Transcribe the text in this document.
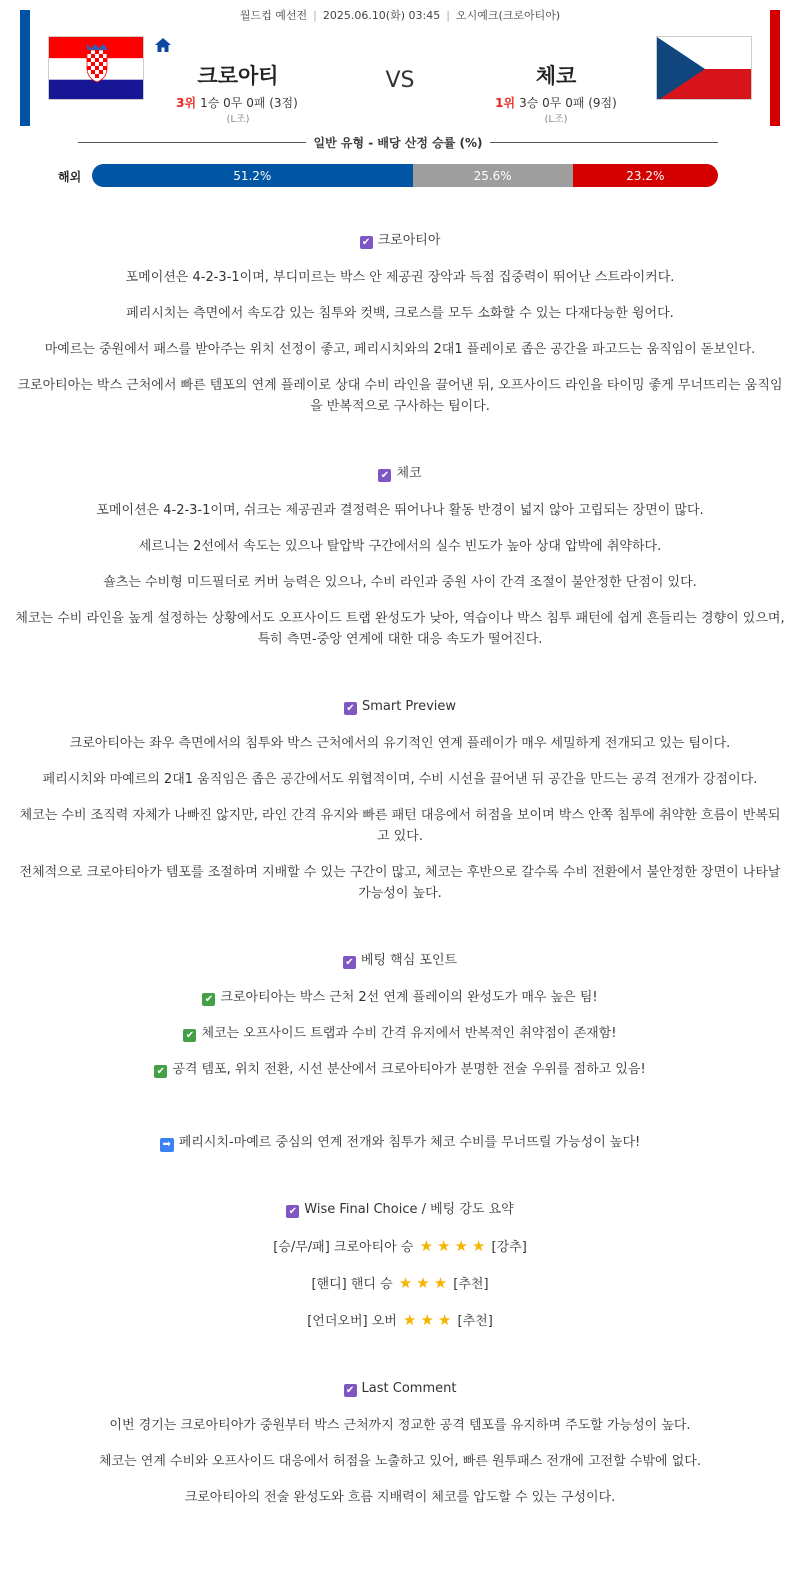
월드컵 예선전 | 2025.06.10(화) 03:45 | 오시예크(크로아티아)
크로아티	VS	체코
3위 1승 0무 0패 (3점)	1위 3승 0무 0패 (9점)
(L조)	(L조)
일반 유형 - 배당 산정 승률 (%)
해외	51.2%	25.6%	23.2%
✔ 크로아티아

포메이션은 4-2-3-1이며, 부디미르는 박스 안 제공권 장악과 득점 집중력이 뛰어난 스트라이커다.

페리시치는 측면에서 속도감 있는 침투와 컷백, 크로스를 모두 소화할 수 있는 다재다능한 윙어다.

마예르는 중원에서 패스를 받아주는 위치 선정이 좋고, 페리시치와의 2대1 플레이로 좁은 공간을 파고드는 움직임이 돋보인다.

크로아티아는 박스 근처에서 빠른 템포의 연계 플레이로 상대 수비 라인을 끌어낸 뒤, 오프사이드 라인을 타이밍 좋게 무너뜨리는 움직임을 반복적으로 구사하는 팀이다.

✔ 체코

포메이션은 4-2-3-1이며, 쉬크는 제공권과 결정력은 뛰어나나 활동 반경이 넓지 않아 고립되는 장면이 많다.

세르니는 2선에서 속도는 있으나 탈압박 구간에서의 실수 빈도가 높아 상대 압박에 취약하다.

숄츠는 수비형 미드필더로 커버 능력은 있으나, 수비 라인과 중원 사이 간격 조절이 불안정한 단점이 있다.

체코는 수비 라인을 높게 설정하는 상황에서도 오프사이드 트랩 완성도가 낮아, 역습이나 박스 침투 패턴에 쉽게 흔들리는 경향이 있으며, 특히 측면-중앙 연계에 대한 대응 속도가 떨어진다.

✔ Smart Preview

크로아티아는 좌우 측면에서의 침투와 박스 근처에서의 유기적인 연계 플레이가 매우 세밀하게 전개되고 있는 팀이다.

페리시치와 마예르의 2대1 움직임은 좁은 공간에서도 위협적이며, 수비 시선을 끌어낸 뒤 공간을 만드는 공격 전개가 강점이다.

체코는 수비 조직력 자체가 나빠진 않지만, 라인 간격 유지와 빠른 패턴 대응에서 허점을 보이며 박스 안쪽 침투에 취약한 흐름이 반복되고 있다.

전체적으로 크로아티아가 템포를 조절하며 지배할 수 있는 구간이 많고, 체코는 후반으로 갈수록 수비 전환에서 불안정한 장면이 나타날 가능성이 높다.

✔ 베팅 핵심 포인트

✔ 크로아티아는 박스 근처 2선 연계 플레이의 완성도가 매우 높은 팀!

✔ 체코는 오프사이드 트랩과 수비 간격 유지에서 반복적인 취약점이 존재함!

✔ 공격 템포, 위치 전환, 시선 분산에서 크로아티아가 분명한 전술 우위를 점하고 있음!

➡ 페리시치-마예르 중심의 연계 전개와 침투가 체코 수비를 무너뜨릴 가능성이 높다!

✔ Wise Final Choice / 베팅 강도 요약

[승/무/패] 크로아티아 승 ★ ★ ★ ★ [강추]

[핸디] 핸디 승 ★ ★ ★ [추천]

[언더오버] 오버 ★ ★ ★ [추천]

✔ Last Comment

이번 경기는 크로아티아가 중원부터 박스 근처까지 정교한 공격 템포를 유지하며 주도할 가능성이 높다.

체코는 연계 수비와 오프사이드 대응에서 허점을 노출하고 있어, 빠른 원투패스 전개에 고전할 수밖에 없다.

크로아티아의 전술 완성도와 흐름 지배력이 체코를 압도할 수 있는 구성이다.
